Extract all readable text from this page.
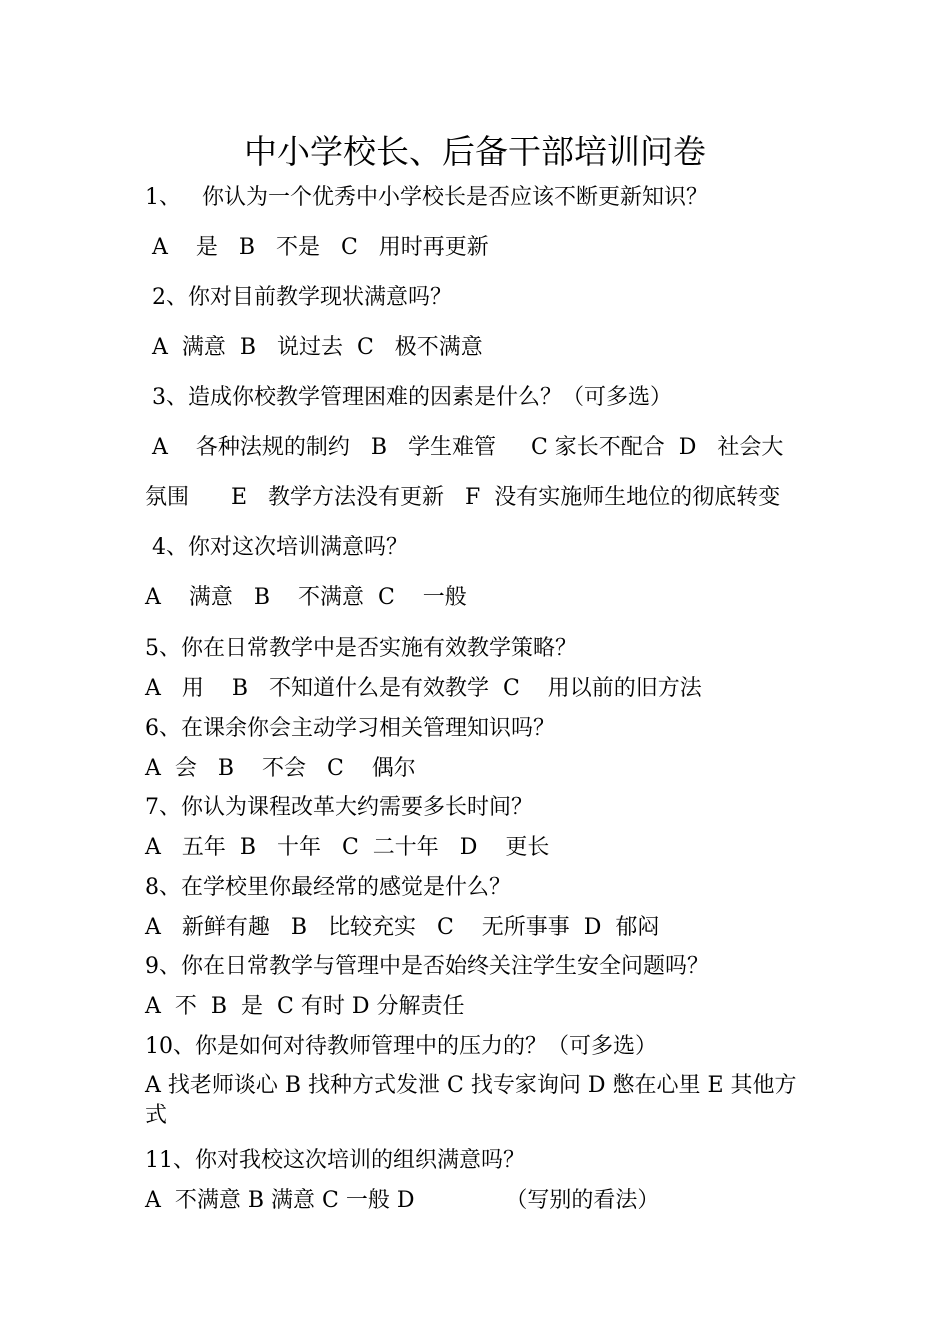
中小学校长、后备干部培训问卷
1、   你认为一个优秀中小学校长是否应该不断更新知识？
A    是   B   不是   C   用时再更新
2、你对目前教学现状满意吗？
A  满意  B   说过去  C   极不满意
3、造成你校教学管理困难的因素是什么？（可多选）
A    各种法规的制约   B   学生难管     C 家长不配合  D   社会大
氛围      E   教学方法没有更新   F  没有实施师生地位的彻底转变
4、你对这次培训满意吗？
A    满意   B    不满意  C    一般
5、你在日常教学中是否实施有效教学策略？
A   用    B   不知道什么是有效教学  C    用以前的旧方法
6、在课余你会主动学习相关管理知识吗？
A  会   B    不会   C    偶尔
7、你认为课程改革大约需要多长时间？
A   五年  B   十年   C  二十年   D    更长
8、在学校里你最经常的感觉是什么？
A   新鲜有趣   B   比较充实   C    无所事事  D  郁闷
9、你在日常教学与管理中是否始终关注学生安全问题吗？
A  不  B  是  C 有时 D 分解责任
10、你是如何对待教师管理中的压力的？（可多选）
A 找老师谈心 B 找种方式发泄 C 找专家询问 D 憋在心里 E 其他方式
11、你对我校这次培训的组织满意吗？
A  不满意 B 满意 C 一般 D             （写别的看法）
